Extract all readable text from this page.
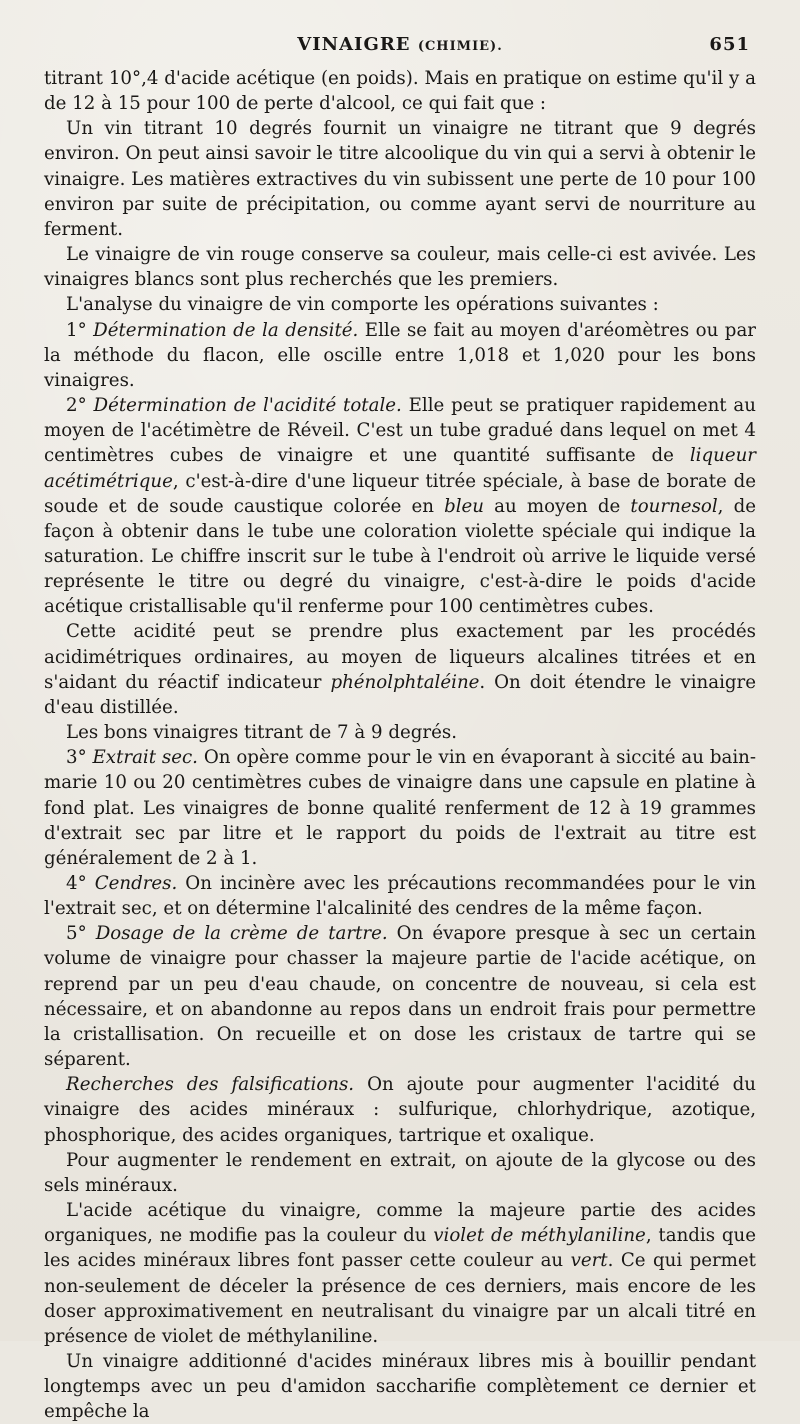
VINAIGRE (CHIMIE).	651

titrant 10°,4 d'acide acétique (en poids). Mais en pratique on estime qu'il y a de 12 à 15 pour 100 de perte d'alcool, ce qui fait que :

Un vin titrant 10 degrés fournit un vinaigre ne titrant que 9 degrés environ. On peut ainsi savoir le titre alcoolique du vin qui a servi à obtenir le vinaigre. Les matières extractives du vin subissent une perte de 10 pour 100 environ par suite de précipitation, ou comme ayant servi de nourriture au ferment.

Le vinaigre de vin rouge conserve sa couleur, mais celle-ci est avivée. Les vinaigres blancs sont plus recherchés que les premiers.

L'analyse du vinaigre de vin comporte les opérations suivantes :

1° Détermination de la densité. Elle se fait au moyen d'aréomètres ou par la méthode du flacon, elle oscille entre 1,018 et 1,020 pour les bons vinaigres.

2° Détermination de l'acidité totale. Elle peut se pratiquer rapidement au moyen de l'acétimètre de Réveil. C'est un tube gradué dans lequel on met 4 centimètres cubes de vinaigre et une quantité suffisante de liqueur acétimétrique, c'est-à-dire d'une liqueur titrée spéciale, à base de borate de soude et de soude caustique colorée en bleu au moyen de tournesol, de façon à obtenir dans le tube une coloration violette spéciale qui indique la saturation. Le chiffre inscrit sur le tube à l'endroit où arrive le liquide versé représente le titre ou degré du vinaigre, c'est-à-dire le poids d'acide acétique cristallisable qu'il renferme pour 100 centimètres cubes.

Cette acidité peut se prendre plus exactement par les procédés acidimétriques ordinaires, au moyen de liqueurs alcalines titrées et en s'aidant du réactif indicateur phénolphtaléine. On doit étendre le vinaigre d'eau distillée.

Les bons vinaigres titrant de 7 à 9 degrés.

3° Extrait sec. On opère comme pour le vin en évaporant à siccité au bain-marie 10 ou 20 centimètres cubes de vinaigre dans une capsule en platine à fond plat. Les vinaigres de bonne qualité renferment de 12 à 19 grammes d'extrait sec par litre et le rapport du poids de l'extrait au titre est généralement de 2 à 1.

4° Cendres. On incinère avec les précautions recommandées pour le vin l'extrait sec, et on détermine l'alcalinité des cendres de la même façon.

5° Dosage de la crème de tartre. On évapore presque à sec un certain volume de vinaigre pour chasser la majeure partie de l'acide acétique, on reprend par un peu d'eau chaude, on concentre de nouveau, si cela est nécessaire, et on abandonne au repos dans un endroit frais pour permettre la cristallisation. On recueille et on dose les cristaux de tartre qui se séparent.

Recherches des falsifications. On ajoute pour augmenter l'acidité du vinaigre des acides minéraux : sulfurique, chlorhydrique, azotique, phosphorique, des acides organiques, tartrique et oxalique.

Pour augmenter le rendement en extrait, on ajoute de la glycose ou des sels minéraux.

L'acide acétique du vinaigre, comme la majeure partie des acides organiques, ne modifie pas la couleur du violet de méthylaniline, tandis que les acides minéraux libres font passer cette couleur au vert. Ce qui permet non-seulement de déceler la présence de ces derniers, mais encore de les doser approximativement en neutralisant du vinaigre par un alcali titré en présence de violet de méthylaniline.

Un vinaigre additionné d'acides minéraux libres mis à bouillir pendant longtemps avec un peu d'amidon saccharifie complètement ce dernier et empêche la
